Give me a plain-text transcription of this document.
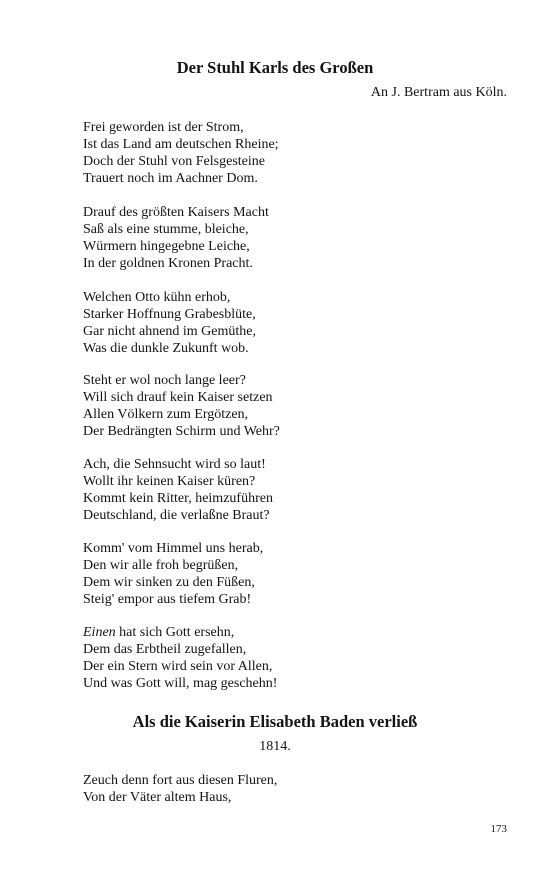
Der Stuhl Karls des Großen
An J. Bertram aus Köln.
Frei geworden ist der Strom,
Ist das Land am deutschen Rheine;
Doch der Stuhl von Felsgesteine
Trauert noch im Aachner Dom.
Drauf des größten Kaisers Macht
Saß als eine stumme, bleiche,
Würmern hingegebne Leiche,
In der goldnen Kronen Pracht.
Welchen Otto kühn erhob,
Starker Hoffnung Grabesblüte,
Gar nicht ahnend im Gemüthe,
Was die dunkle Zukunft wob.
Steht er wol noch lange leer?
Will sich drauf kein Kaiser setzen
Allen Völkern zum Ergötzen,
Der Bedrängten Schirm und Wehr?
Ach, die Sehnsucht wird so laut!
Wollt ihr keinen Kaiser küren?
Kommt kein Ritter, heimzuführen
Deutschland, die verlaßne Braut?
Komm' vom Himmel uns herab,
Den wir alle froh begrüßen,
Dem wir sinken zu den Füßen,
Steig' empor aus tiefem Grab!
Einen hat sich Gott ersehn,
Dem das Erbtheil zugefallen,
Der ein Stern wird sein vor Allen,
Und was Gott will, mag geschehn!
Als die Kaiserin Elisabeth Baden verließ
1814.
Zeuch denn fort aus diesen Fluren,
Von der Väter altem Haus,
173
